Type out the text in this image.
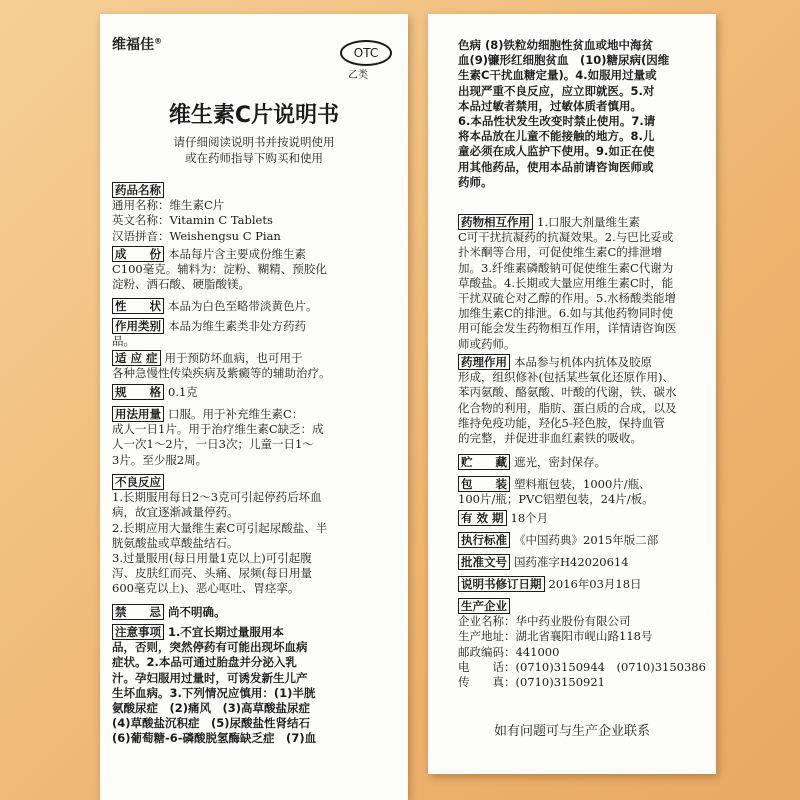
维福佳®
OTC
乙类
维生素C片说明书
请仔细阅读说明书并按说明使用
或在药师指导下购买和使用
药品名称

通用名称：维生素C片
英文名称：Vitamin C Tablets
汉语拼音：Weishengsu C Pian
成　　份 本品每片含主要成份维生素
C100毫克。辅料为：淀粉、糊精、预胶化
淀粉、酒石酸、硬脂酸镁。
性　　状 本品为白色至略带淡黄色片。
作用类别 本品为维生素类非处方药药
品。
适 应 症 用于预防坏血病，也可用于
各种急慢性传染疾病及紫癜等的辅助治疗。
规　　格 0.1克
用法用量 口服。用于补充维生素C：
成人一日1片。用于治疗维生素C缺乏：成
人一次1～2片，一日3次；儿童一日1～
3片。至少服2周。
不良反应

1.长期服用每日2～3克可引起停药后坏血
病，故宜逐渐减量停药。
2.长期应用大量维生素C可引起尿酸盐、半
胱氨酸盐或草酸盐结石。
3.过量服用(每日用量1克以上)可引起腹
泻、皮肤红而亮、头痛、尿频(每日用量
600毫克以上)、恶心呕吐、胃痉挛。
禁　　忌 尚不明确。
注意事项 1.不宜长期过量服用本
品，否则，突然停药有可能出现坏血病
症状。2.本品可通过胎盘并分泌入乳
汁。孕妇服用过量时，可诱发新生儿产
生坏血病。3.下列情况应慎用：(1)半胱
氨酸尿症　(2)痛风　(3)高草酸盐尿症
(4)草酸盐沉积症　(5)尿酸盐性肾结石
(6)葡萄糖-6-磷酸脱氢酶缺乏症　(7)血
色病 (8)铁粒幼细胞性贫血或地中海贫
血(9)镰形红细胞贫血　(10)糖尿病(因维
生素C干扰血糖定量)。4.如服用过量或
出现严重不良反应，应立即就医。5.对
本品过敏者禁用，过敏体质者慎用。
6.本品性状发生改变时禁止使用。7.请
将本品放在儿童不能接触的地方。8.儿
童必须在成人监护下使用。9.如正在使
用其他药品，使用本品前请咨询医师或
药师。
药物相互作用 1.口服大剂量维生素
C可干扰抗凝药的抗凝效果。2.与巴比妥或
扑米酮等合用，可促使维生素C的排泄增
加。3.纤维素磷酸钠可促使维生素C代谢为
草酸盐。4.长期或大量应用维生素C时，能
干扰双硫仑对乙醇的作用。5.水杨酸类能增
加维生素C的排泄。6.如与其他药物同时使
用可能会发生药物相互作用，详情请咨询医
师或药师。
药理作用 本品参与机体内抗体及胶原
形成，组织修补(包括某些氧化还原作用)、
苯丙氨酸、酪氨酸、叶酸的代谢，铁、碳水
化合物的利用，脂肪、蛋白质的合成，以及
维持免疫功能，羟化5-羟色胺，保持血管
的完整，并促进非血红素铁的吸收。
贮　　藏 遮光，密封保存。
包　　装 塑料瓶包装，1000片/瓶、
100片/瓶；PVC铝塑包装，24片/板。
有 效 期 18个月
执行标准 《中国药典》2015年版二部
批准文号 国药准字H42020614
说明书修订日期 2016年03月18日
生产企业

企业名称：华中药业股份有限公司
生产地址：湖北省襄阳市岘山路118号
邮政编码：441000
电　　话：(0710)3150944　(0710)3150386
传　　真：(0710)3150921
如有问题可与生产企业联系
